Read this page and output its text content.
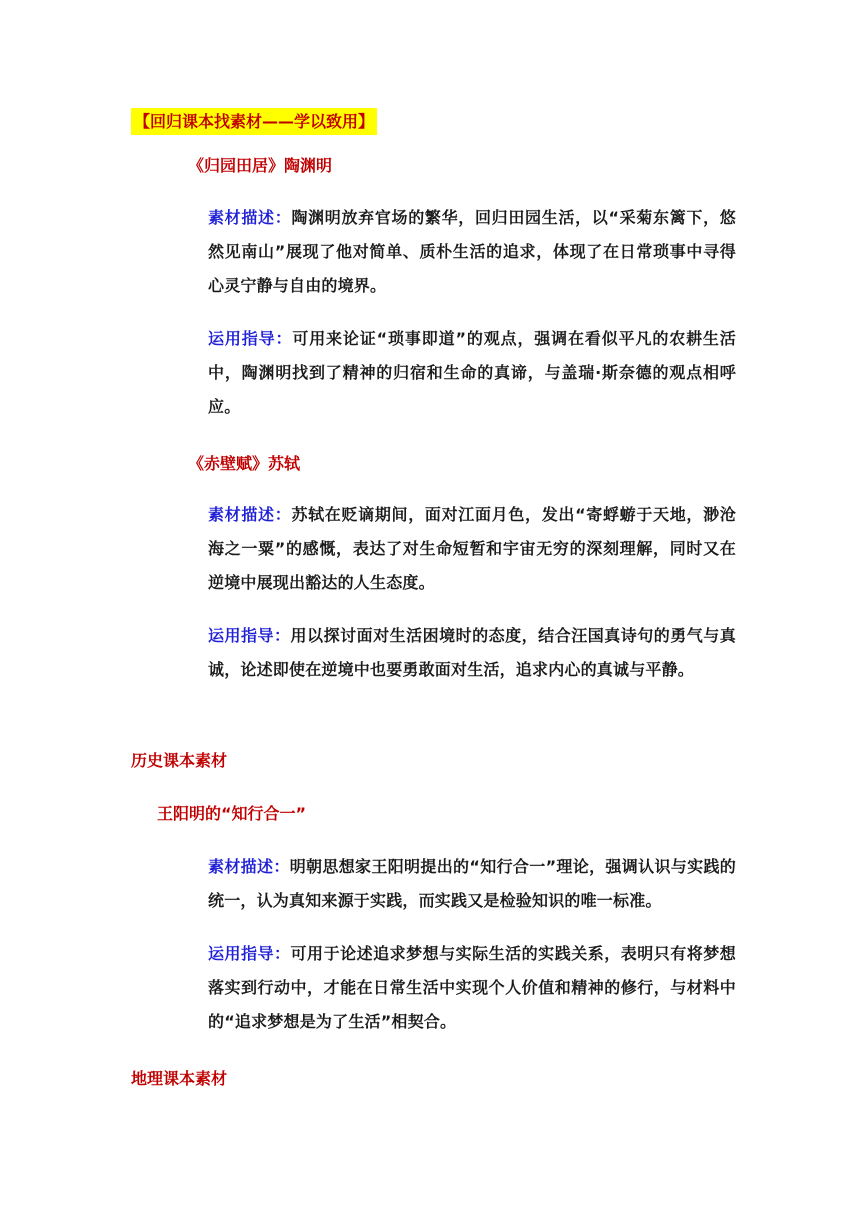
【回归课本找素材——学以致用】
《归园田居》陶渊明
素材描述：陶渊明放弃官场的繁华，回归田园生活，以“采菊东篱下，悠然见南山”展现了他对简单、质朴生活的追求，体现了在日常琐事中寻得心灵宁静与自由的境界。
运用指导：可用来论证“琐事即道”的观点，强调在看似平凡的农耕生活中，陶渊明找到了精神的归宿和生命的真谛，与盖瑞·斯奈德的观点相呼应。
《赤壁赋》苏轼
素材描述：苏轼在贬谪期间，面对江面月色，发出“寄蜉蝣于天地，渺沧海之一粟”的感慨，表达了对生命短暂和宇宙无穷的深刻理解，同时又在逆境中展现出豁达的人生态度。
运用指导：用以探讨面对生活困境时的态度，结合汪国真诗句的勇气与真诚，论述即使在逆境中也要勇敢面对生活，追求内心的真诚与平静。
历史课本素材
王阳明的“知行合一”
素材描述：明朝思想家王阳明提出的“知行合一”理论，强调认识与实践的统一，认为真知来源于实践，而实践又是检验知识的唯一标准。
运用指导：可用于论述追求梦想与实际生活的实践关系，表明只有将梦想落实到行动中，才能在日常生活中实现个人价值和精神的修行，与材料中的“追求梦想是为了生活”相契合。
地理课本素材
